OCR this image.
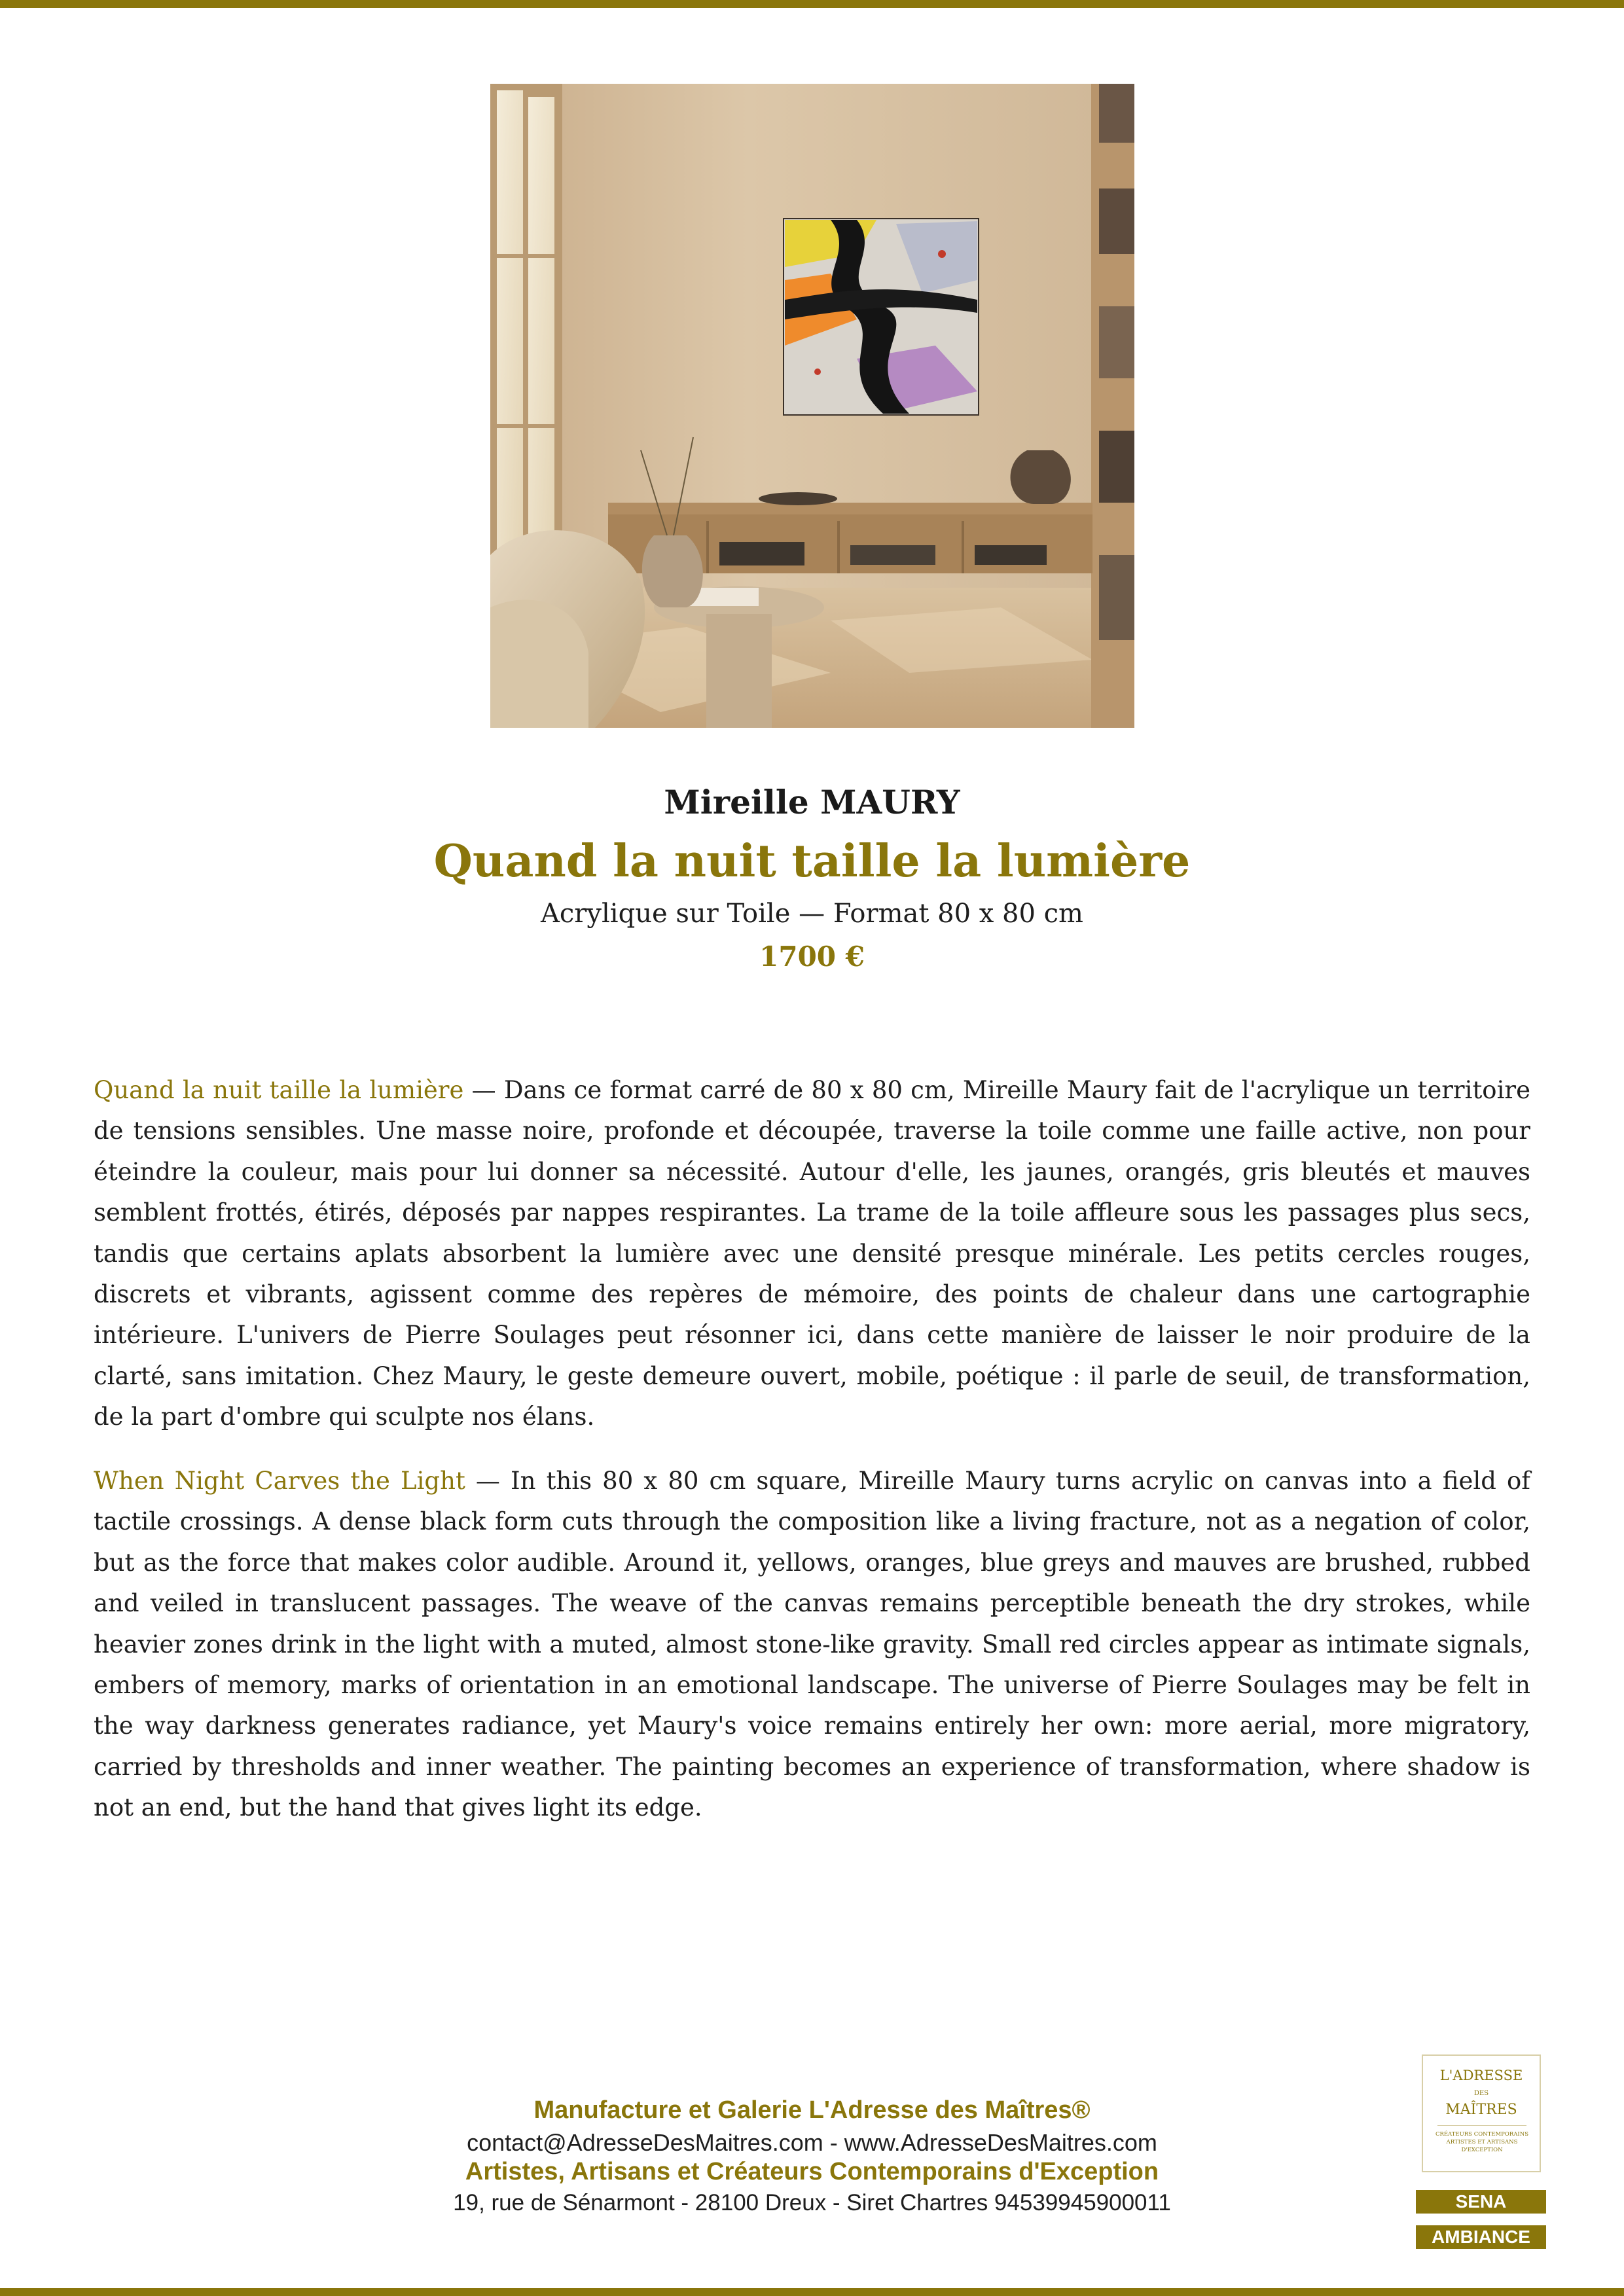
Mireille MAURY
Quand la nuit taille la lumière
Acrylique sur Toile — Format 80 x 80 cm
1700 €

Quand la nuit taille la lumière — Dans ce format carré de 80 x 80 cm, Mireille Maury fait de l'acrylique un territoire de tensions sensibles. Une masse noire, profonde et découpée, traverse la toile comme une faille active, non pour éteindre la couleur, mais pour lui donner sa nécessité. Autour d'elle, les jaunes, orangés, gris bleutés et mauves semblent frottés, étirés, déposés par nappes respirantes. La trame de la toile affleure sous les passages plus secs, tandis que certains aplats absorbent la lumière avec une densité presque minérale. Les petits cercles rouges, discrets et vibrants, agissent comme des repères de mémoire, des points de chaleur dans une cartographie intérieure. L'univers de Pierre Soulages peut résonner ici, dans cette manière de laisser le noir produire de la clarté, sans imitation. Chez Maury, le geste demeure ouvert, mobile, poétique : il parle de seuil, de transformation, de la part d'ombre qui sculpte nos élans.

When Night Carves the Light — In this 80 x 80 cm square, Mireille Maury turns acrylic on canvas into a field of tactile crossings. A dense black form cuts through the composition like a living fracture, not as a negation of color, but as the force that makes color audible. Around it, yellows, oranges, blue greys and mauves are brushed, rubbed and veiled in translucent passages. The weave of the canvas remains perceptible beneath the dry strokes, while heavier zones drink in the light with a muted, almost stone-like gravity. Small red circles appear as intimate signals, embers of memory, marks of orientation in an emotional landscape. The universe of Pierre Soulages may be felt in the way darkness generates radiance, yet Maury's voice remains entirely her own: more aerial, more migratory, carried by thresholds and inner weather. The painting becomes an experience of transformation, where shadow is not an end, but the hand that gives light its edge.

Manufacture et Galerie L'Adresse des Maîtres®
contact@AdresseDesMaitres.com - www.AdresseDesMaitres.com
Artistes, Artisans et Créateurs Contemporains d'Exception
19, rue de Sénarmont - 28100 Dreux - Siret Chartres 94539945900011
L'ADRESSE
DES
MAÎTRES
CRÉATEURS CONTEMPORAINS ARTISTES ET ARTISANS D'EXCEPTION
SENA
AMBIANCE
